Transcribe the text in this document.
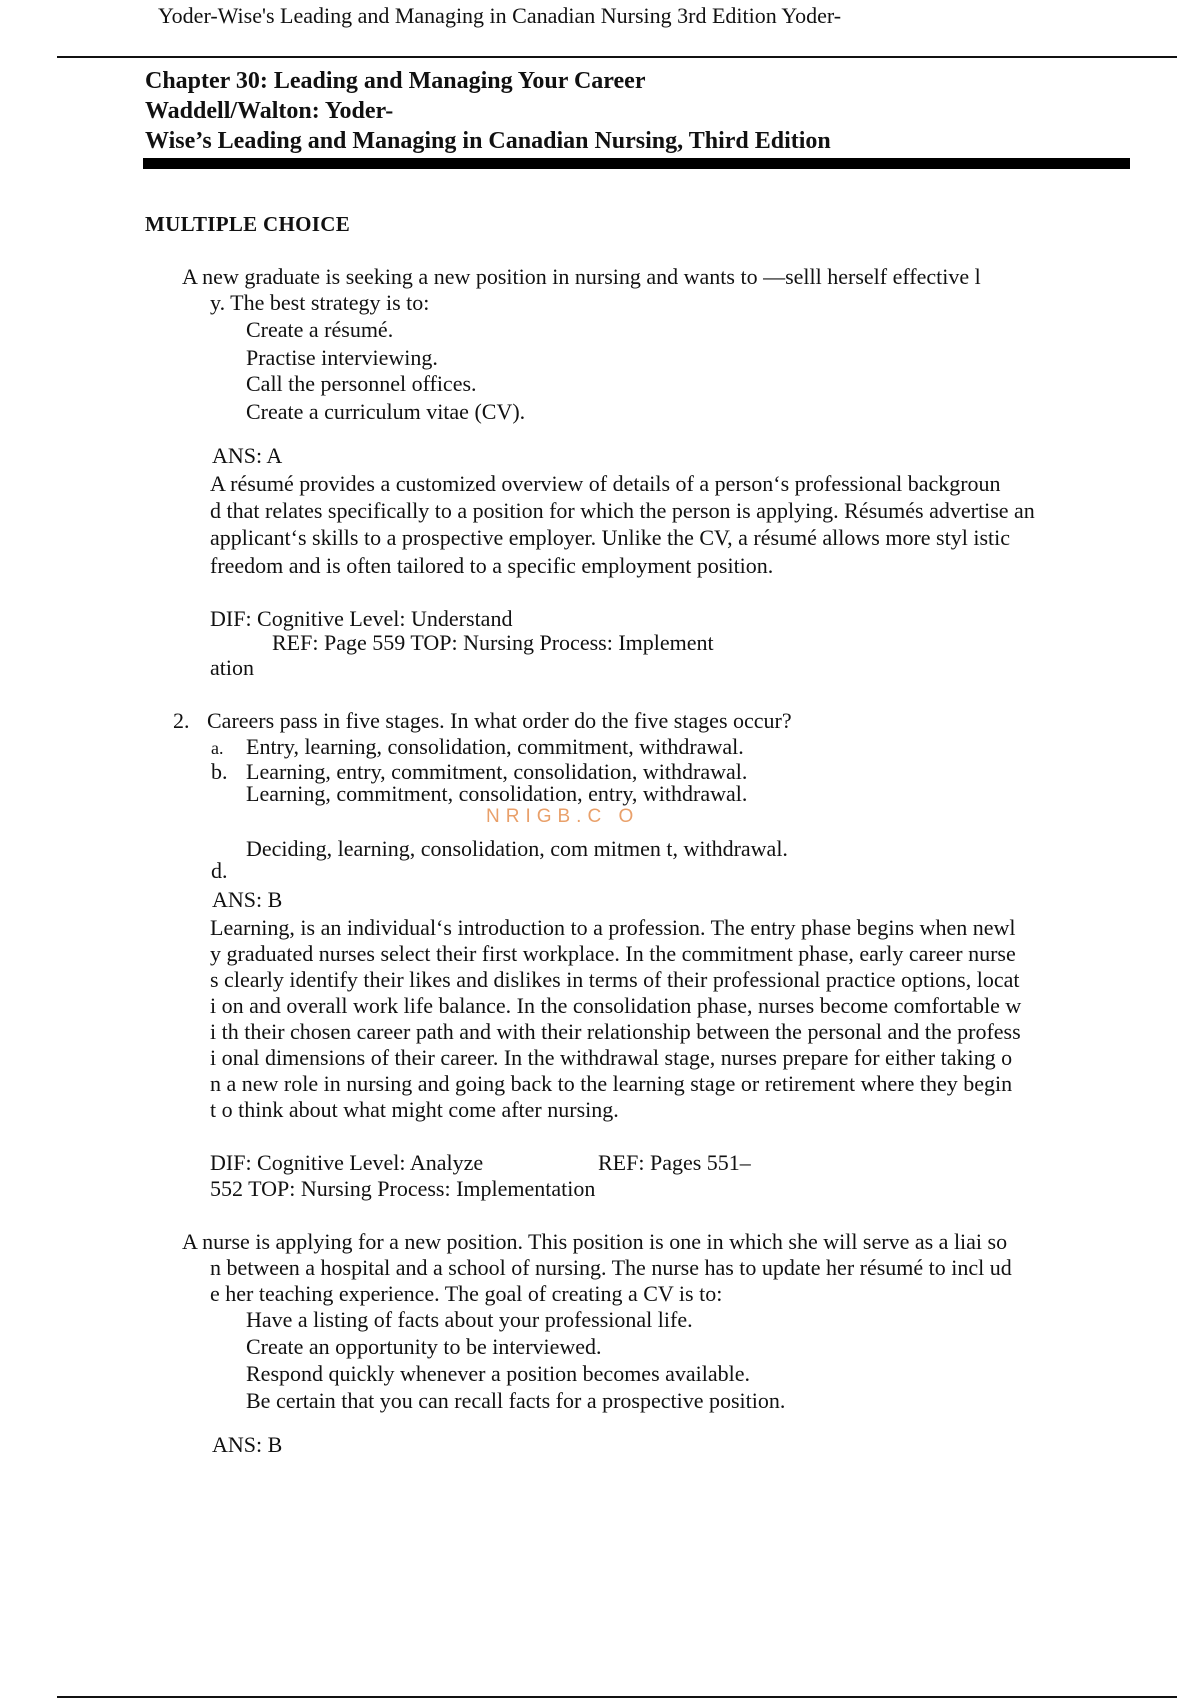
Yoder-Wise's Leading and Managing in Canadian Nursing 3rd Edition Yoder-
Chapter 30: Leading and Managing Your Career
Waddell/Walton: Yoder-
Wise’s Leading and Managing in Canadian Nursing, Third Edition
MULTIPLE CHOICE
A new graduate is seeking a new position in nursing and wants to ―selll herself effective l
y. The best strategy is to:
Create a résumé.
Practise interviewing.
Call the personnel offices.
Create a curriculum vitae (CV).
ANS: A
A résumé provides a customized overview of details of a person‘s professional backgroun
d that relates specifically to a position for which the person is applying. Résumés advertise an
applicant‘s skills to a prospective employer. Unlike the CV, a résumé allows more styl istic
freedom and is often tailored to a specific employment position.
DIF: Cognitive Level: Understand
REF: Page 559 TOP: Nursing Process: Implement
ation
2. Careers pass in five stages. In what order do the five stages occur?
a. Entry, learning, consolidation, commitment, withdrawal.
b. Learning, entry, commitment, consolidation, withdrawal.
Learning, commitment, consolidation, entry, withdrawal.
NRIGB.C O
Deciding, learning, consolidation, com mitmen t, withdrawal.
d.
ANS: B
Learning, is an individual‘s introduction to a profession. The entry phase begins when newl
y graduated nurses select their first workplace. In the commitment phase, early career nurse
s clearly identify their likes and dislikes in terms of their professional practice options, locat
i on and overall work life balance. In the consolidation phase, nurses become comfortable w
i th their chosen career path and with their relationship between the personal and the profess
i onal dimensions of their career. In the withdrawal stage, nurses prepare for either taking o
n a new role in nursing and going back to the learning stage or retirement where they begin
t o think about what might come after nursing.
DIF: Cognitive Level: Analyze	REF: Pages 551–
552 TOP: Nursing Process: Implementation
A nurse is applying for a new position. This position is one in which she will serve as a liai so
n between a hospital and a school of nursing. The nurse has to update her résumé to incl ud
e her teaching experience. The goal of creating a CV is to:
Have a listing of facts about your professional life.
Create an opportunity to be interviewed.
Respond quickly whenever a position becomes available.
Be certain that you can recall facts for a prospective position.
ANS: B
